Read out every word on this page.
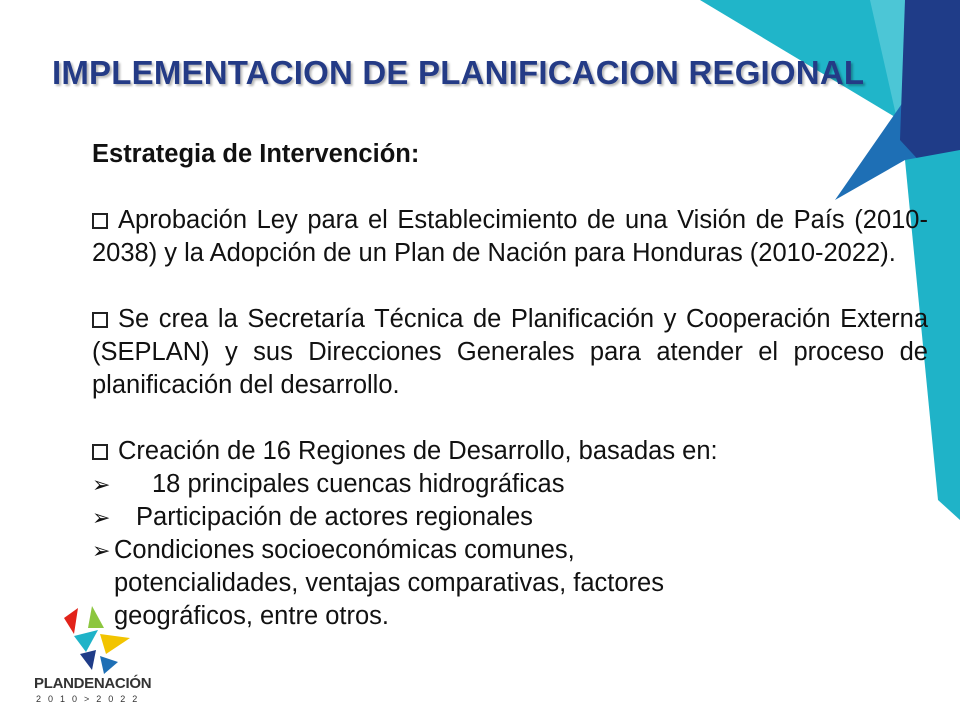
IMPLEMENTACION DE PLANIFICACION REGIONAL

Estrategia de Intervención:

Aprobación Ley para el Establecimiento de una Visión de País (2010-2038) y la Adopción de un Plan de Nación para Honduras (2010-2022).

Se crea la Secretaría Técnica de Planificación y Cooperación Externa (SEPLAN) y sus Direcciones Generales para atender el proceso de planificación del desarrollo.

Creación de 16 Regiones de Desarrollo, basadas en:

➢ 18 principales cuencas hidrográficas

➢ Participación de actores regionales

➢ Condiciones socioeconómicas comunes,

potencialidades, ventajas comparativas, factores

geográficos, entre otros.

PLANDENACIÓN
2010>2022
